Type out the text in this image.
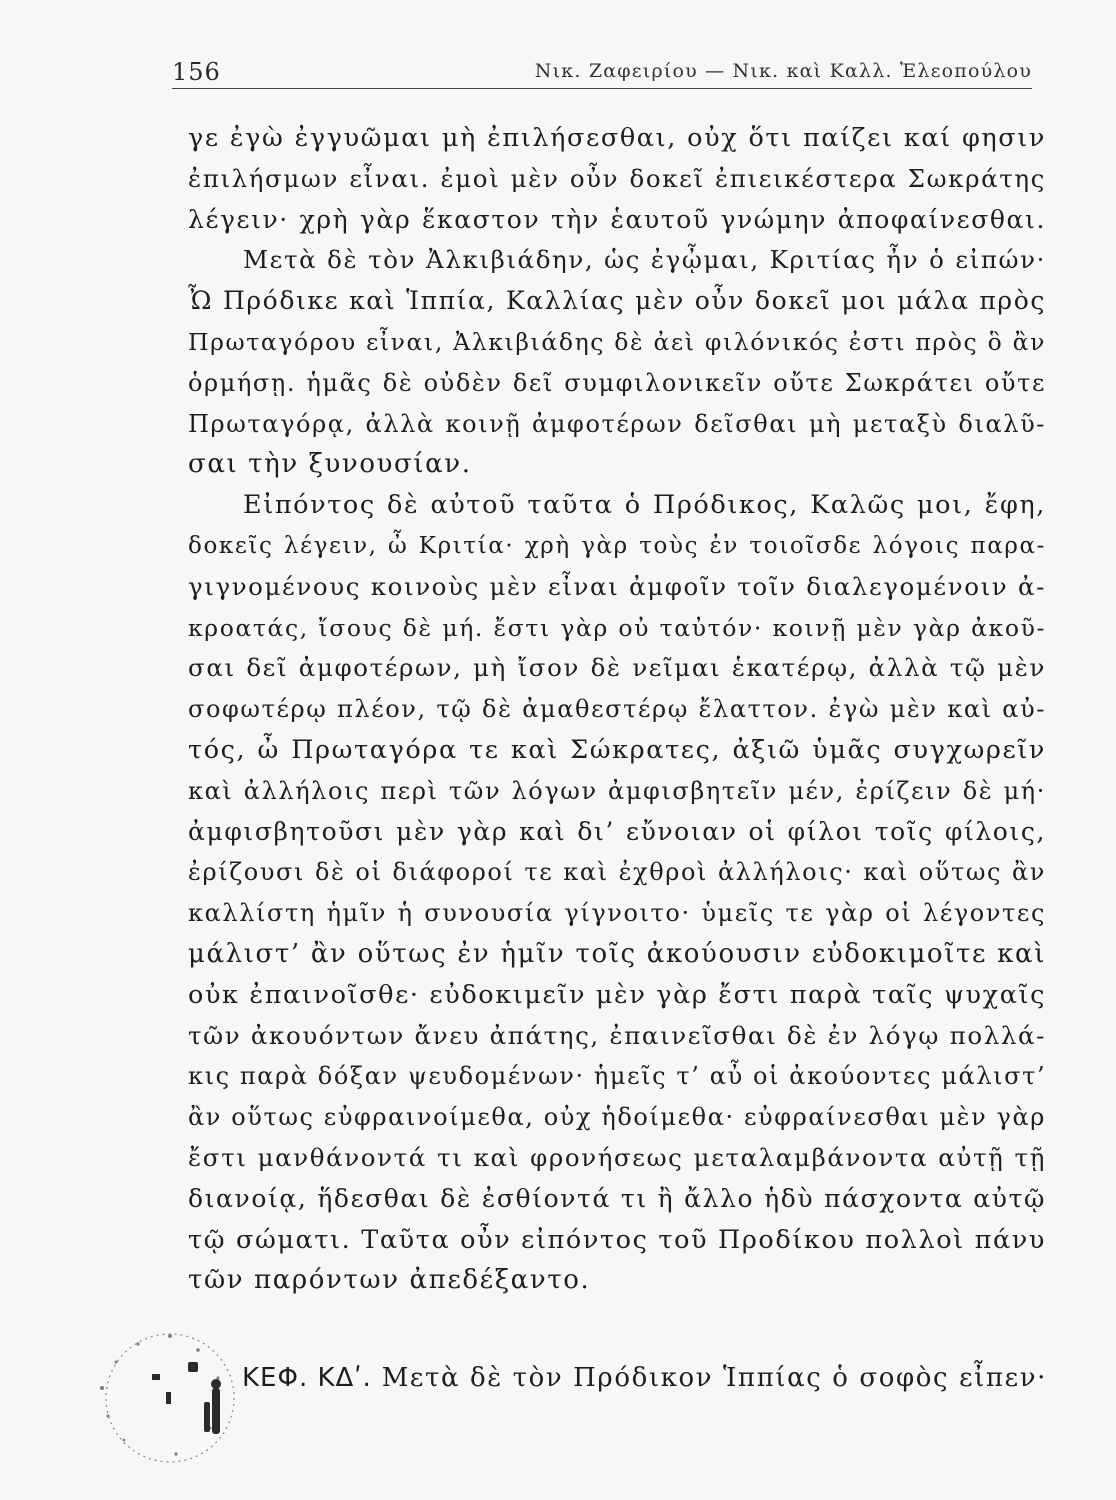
156	Νικ. Ζαφειρίου — Νικ. καὶ Καλλ. Ἐλεοπούλου
γε ἐγὼ ἐγγυῶμαι μὴ ἐπιλήσεσθαι, οὐχ ὅτι παίζει καί φησιν
ἐπιλήσμων εἶναι. ἐμοὶ μὲν οὖν δοκεῖ ἐπιεικέστερα Σωκράτης
λέγειν· χρὴ γὰρ ἕκαστον τὴν ἑαυτοῦ γνώμην ἀποφαίνεσθαι.
Μετὰ δὲ τὸν Ἀλκιβιάδην, ὡς ἐγᾦμαι, Κριτίας ἦν ὁ εἰπών·
Ὦ Πρόδικε καὶ Ἱππία, Καλλίας μὲν οὖν δοκεῖ μοι μάλα πρὸς
Πρωταγόρου εἶναι, Ἀλκιβιάδης δὲ ἀεὶ φιλόνικός ἐστι πρὸς ὃ ἂν
ὁρμήσῃ. ἡμᾶς δὲ οὐδὲν δεῖ συμφιλονικεῖν οὔτε Σωκράτει οὔτε
Πρωταγόρᾳ, ἀλλὰ κοινῇ ἀμφοτέρων δεῖσθαι μὴ μεταξὺ διαλῦ-
σαι τὴν ξυνουσίαν.
Εἰπόντος δὲ αὐτοῦ ταῦτα ὁ Πρόδικος, Καλῶς μοι, ἔφη,
δοκεῖς λέγειν, ὦ Κριτία· χρὴ γὰρ τοὺς ἐν τοιοῖσδε λόγοις παρα-
γιγνομένους κοινοὺς μὲν εἶναι ἀμφοῖν τοῖν διαλεγομένοιν ἀ-
κροατάς, ἴσους δὲ μή. ἔστι γὰρ οὐ ταὐτόν· κοινῇ μὲν γὰρ ἀκοῦ-
σαι δεῖ ἀμφοτέρων, μὴ ἴσον δὲ νεῖμαι ἑκατέρῳ, ἀλλὰ τῷ μὲν
σοφωτέρῳ πλέον, τῷ δὲ ἀμαθεστέρῳ ἔλαττον. ἐγὼ μὲν καὶ αὐ-
τός, ὦ Πρωταγόρα τε καὶ Σώκρατες, ἀξιῶ ὑμᾶς συγχωρεῖν
καὶ ἀλλήλοις περὶ τῶν λόγων ἀμφισβητεῖν μέν, ἐρίζειν δὲ μή·
ἀμφισβητοῦσι μὲν γὰρ καὶ δι’ εὔνοιαν οἱ φίλοι τοῖς φίλοις,
ἐρίζουσι δὲ οἱ διάφοροί τε καὶ ἐχθροὶ ἀλλήλοις· καὶ οὕτως ἂν
καλλίστη ἡμῖν ἡ συνουσία γίγνοιτο· ὑμεῖς τε γὰρ οἱ λέγοντες
μάλιστ’ ἂν οὕτως ἐν ἡμῖν τοῖς ἀκούουσιν εὐδοκιμοῖτε καὶ
οὐκ ἐπαινοῖσθε· εὐδοκιμεῖν μὲν γὰρ ἔστι παρὰ ταῖς ψυχαῖς
τῶν ἀκουόντων ἄνευ ἀπάτης, ἐπαινεῖσθαι δὲ ἐν λόγῳ πολλά-
κις παρὰ δόξαν ψευδομένων· ἡμεῖς τ’ αὖ οἱ ἀκούοντες μάλιστ’
ἂν οὕτως εὐφραινοίμεθα, οὐχ ἡδοίμεθα· εὐφραίνεσθαι μὲν γὰρ
ἔστι μανθάνοντά τι καὶ φρονήσεως μεταλαμβάνοντα αὐτῇ τῇ
διανοίᾳ, ἥδεσθαι δὲ ἐσθίοντά τι ἢ ἄλλο ἡδὺ πάσχοντα αὐτῷ
τῷ σώματι. Ταῦτα οὖν εἰπόντος τοῦ Προδίκου πολλοὶ πάνυ
τῶν παρόντων ἀπεδέξαντο.
ΚΕΦ. ΚΔʹ. Μετὰ δὲ τὸν Πρόδικον Ἱππίας ὁ σοφὸς εἶπεν·
